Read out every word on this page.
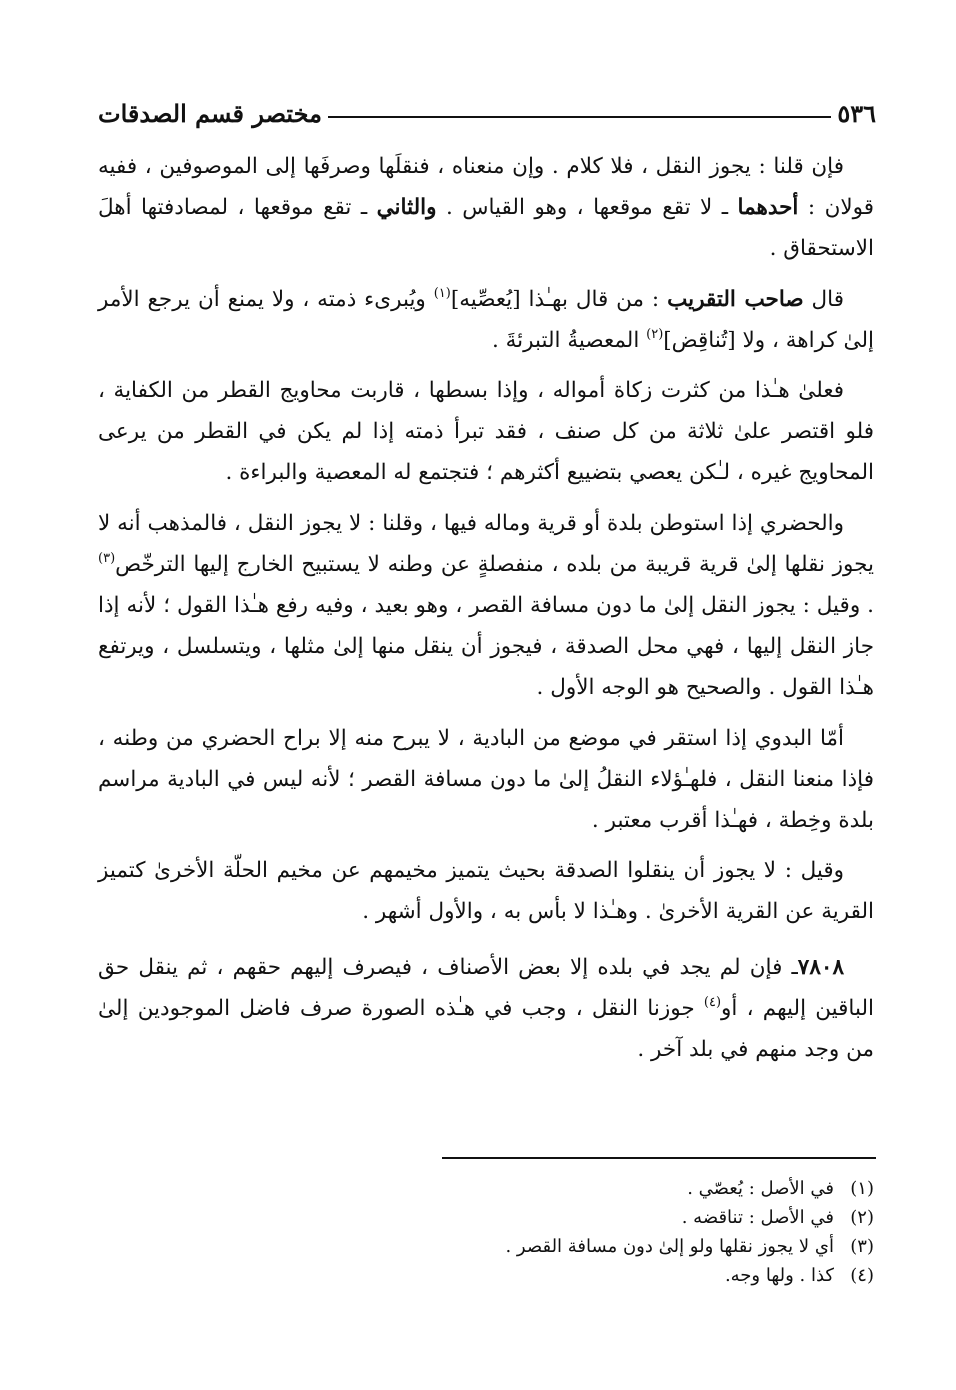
٥٣٦
مختصر قسم الصدقات

فإن قلنا : يجوز النقل ، فلا كلام . وإن منعناه ، فنقلَها وصرفَها إلى الموصوفين ، ففيه قولان : أحدهما ـ لا تقع موقعها ، وهو القياس . والثاني ـ تقع موقعها ، لمصادفتها أهلَ الاستحقاق .

قال صاحب التقريب : من قال بهـٰذا [يُعصِّيه]$^{(١)}$ ويُبرىء ذمته ، ولا يمنع أن يرجع الأمر إلىٰ كراهة ، ولا [تُناقِض]$^{(٢)}$ المعصيةُ التبرئةَ .

فعلىٰ هـٰذا من كثرت زكاة أمواله ، وإذا بسطها ، قاربت محاويج القطر من الكفاية ، فلو اقتصر علىٰ ثلاثة من كل صنف ، فقد تبرأ ذمته إذا لم يكن في القطر من يرعى المحاويج غيره ، لـٰكن يعصي بتضييع أكثرهم ؛ فتجتمع له المعصية والبراءة .

والحضري إذا استوطن بلدة أو قرية وماله فيها ، وقلنا : لا يجوز النقل ، فالمذهب أنه لا يجوز نقلها إلىٰ قرية قريبة من بلده ، منفصلةٍ عن وطنه لا يستبيح الخارج إليها الترخّص$^{(٣)}$ . وقيل : يجوز النقل إلىٰ ما دون مسافة القصر ، وهو بعيد ، وفيه رفع هـٰذا القول ؛ لأنه إذا جاز النقل إليها ، فهي محل الصدقة ، فيجوز أن ينقل منها إلىٰ مثلها ، ويتسلسل ، ويرتفع هـٰذا القول . والصحيح هو الوجه الأول .

أمّا البدوي إذا استقر في موضع من البادية ، لا يبرح منه إلا براح الحضري من وطنه ، فإذا منعنا النقل ، فلهـٰؤلاء النقلُ إلىٰ ما دون مسافة القصر ؛ لأنه ليس في البادية مراسم بلدة وخِطة ، فهـٰذا أقرب معتبر .

وقيل : لا يجوز أن ينقلوا الصدقة بحيث يتميز مخيمهم عن مخيم الحلّة الأخرىٰ كتميز القرية عن القرية الأخرىٰ . وهـٰذا لا بأس به ، والأول أشهر .

٧٨٠٨ـ فإن لم يجد في بلده إلا بعض الأصناف ، فيصرف إليهم حقهم ، ثم ينقل حق الباقين إليهم ، أو$^{(٤)}$ جوزنا النقل ، وجب في هـٰذه الصورة صرف فاضل الموجودين إلىٰ من وجد منهم في بلد آخر .

(١)
في الأصل : يُعصّي .
(٢)
في الأصل : تناقضه .
(٣)
أي لا يجوز نقلها ولو إلىٰ دون مسافة القصر .
(٤)
كذا . ولها وجه.
